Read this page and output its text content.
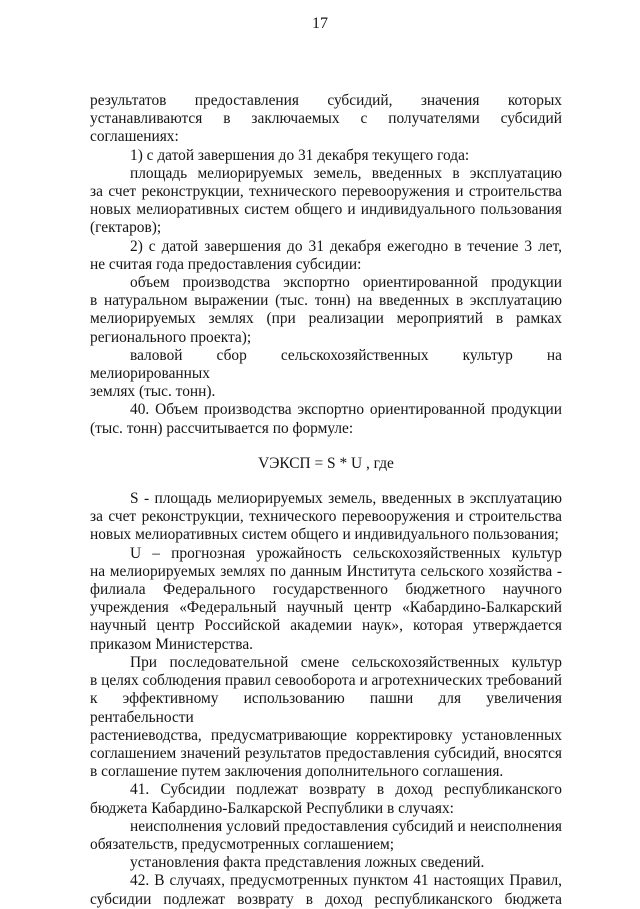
17

результатов предоставления субсидий, значения которых

устанавливаются в заключаемых с получателями субсидий соглашениях:

1) с датой завершения до 31 декабря текущего года:

площадь мелиорируемых земель, введенных в эксплуатацию

за счет реконструкции, технического перевооружения и строительства

новых мелиоративных систем общего и индивидуального пользования

(гектаров);

2) с датой завершения до 31 декабря ежегодно в течение 3 лет,

не считая года предоставления субсидии:

объем производства экспортно ориентированной продукции

в натуральном выражении (тыс. тонн) на введенных в эксплуатацию

мелиорируемых землях (при реализации мероприятий в рамках

регионального проекта);

валовой сбор сельскохозяйственных культур на мелиорированных

землях (тыс. тонн).

40. Объем производства экспортно ориентированной продукции

(тыс. тонн) рассчитывается по формуле:

VЭКСП = S * U , где

S - площадь мелиорируемых земель, введенных в эксплуатацию

за счет реконструкции, технического перевооружения и строительства

новых мелиоративных систем общего и индивидуального пользования;

U – прогнозная урожайность сельскохозяйственных культур

на мелиорируемых землях по данным Института сельского хозяйства -

филиала Федерального государственного бюджетного научного

учреждения «Федеральный научный центр «Кабардино-Балкарский

научный центр Российской академии наук», которая утверждается

приказом Министерства.

При последовательной смене сельскохозяйственных культур

в целях соблюдения правил севооборота и агротехнических требований

к эффективному использованию пашни для увеличения рентабельности

растениеводства, предусматривающие корректировку установленных

соглашением значений результатов предоставления субсидий, вносятся

в соглашение путем заключения дополнительного соглашения.

41. Субсидии подлежат возврату в доход республиканского

бюджета Кабардино-Балкарской Республики в случаях:

неисполнения условий предоставления субсидий и неисполнения

обязательств, предусмотренных соглашением;

установления факта представления ложных сведений.

42. В случаях, предусмотренных пунктом 41 настоящих Правил,

субсидии подлежат возврату в доход республиканского бюджета
